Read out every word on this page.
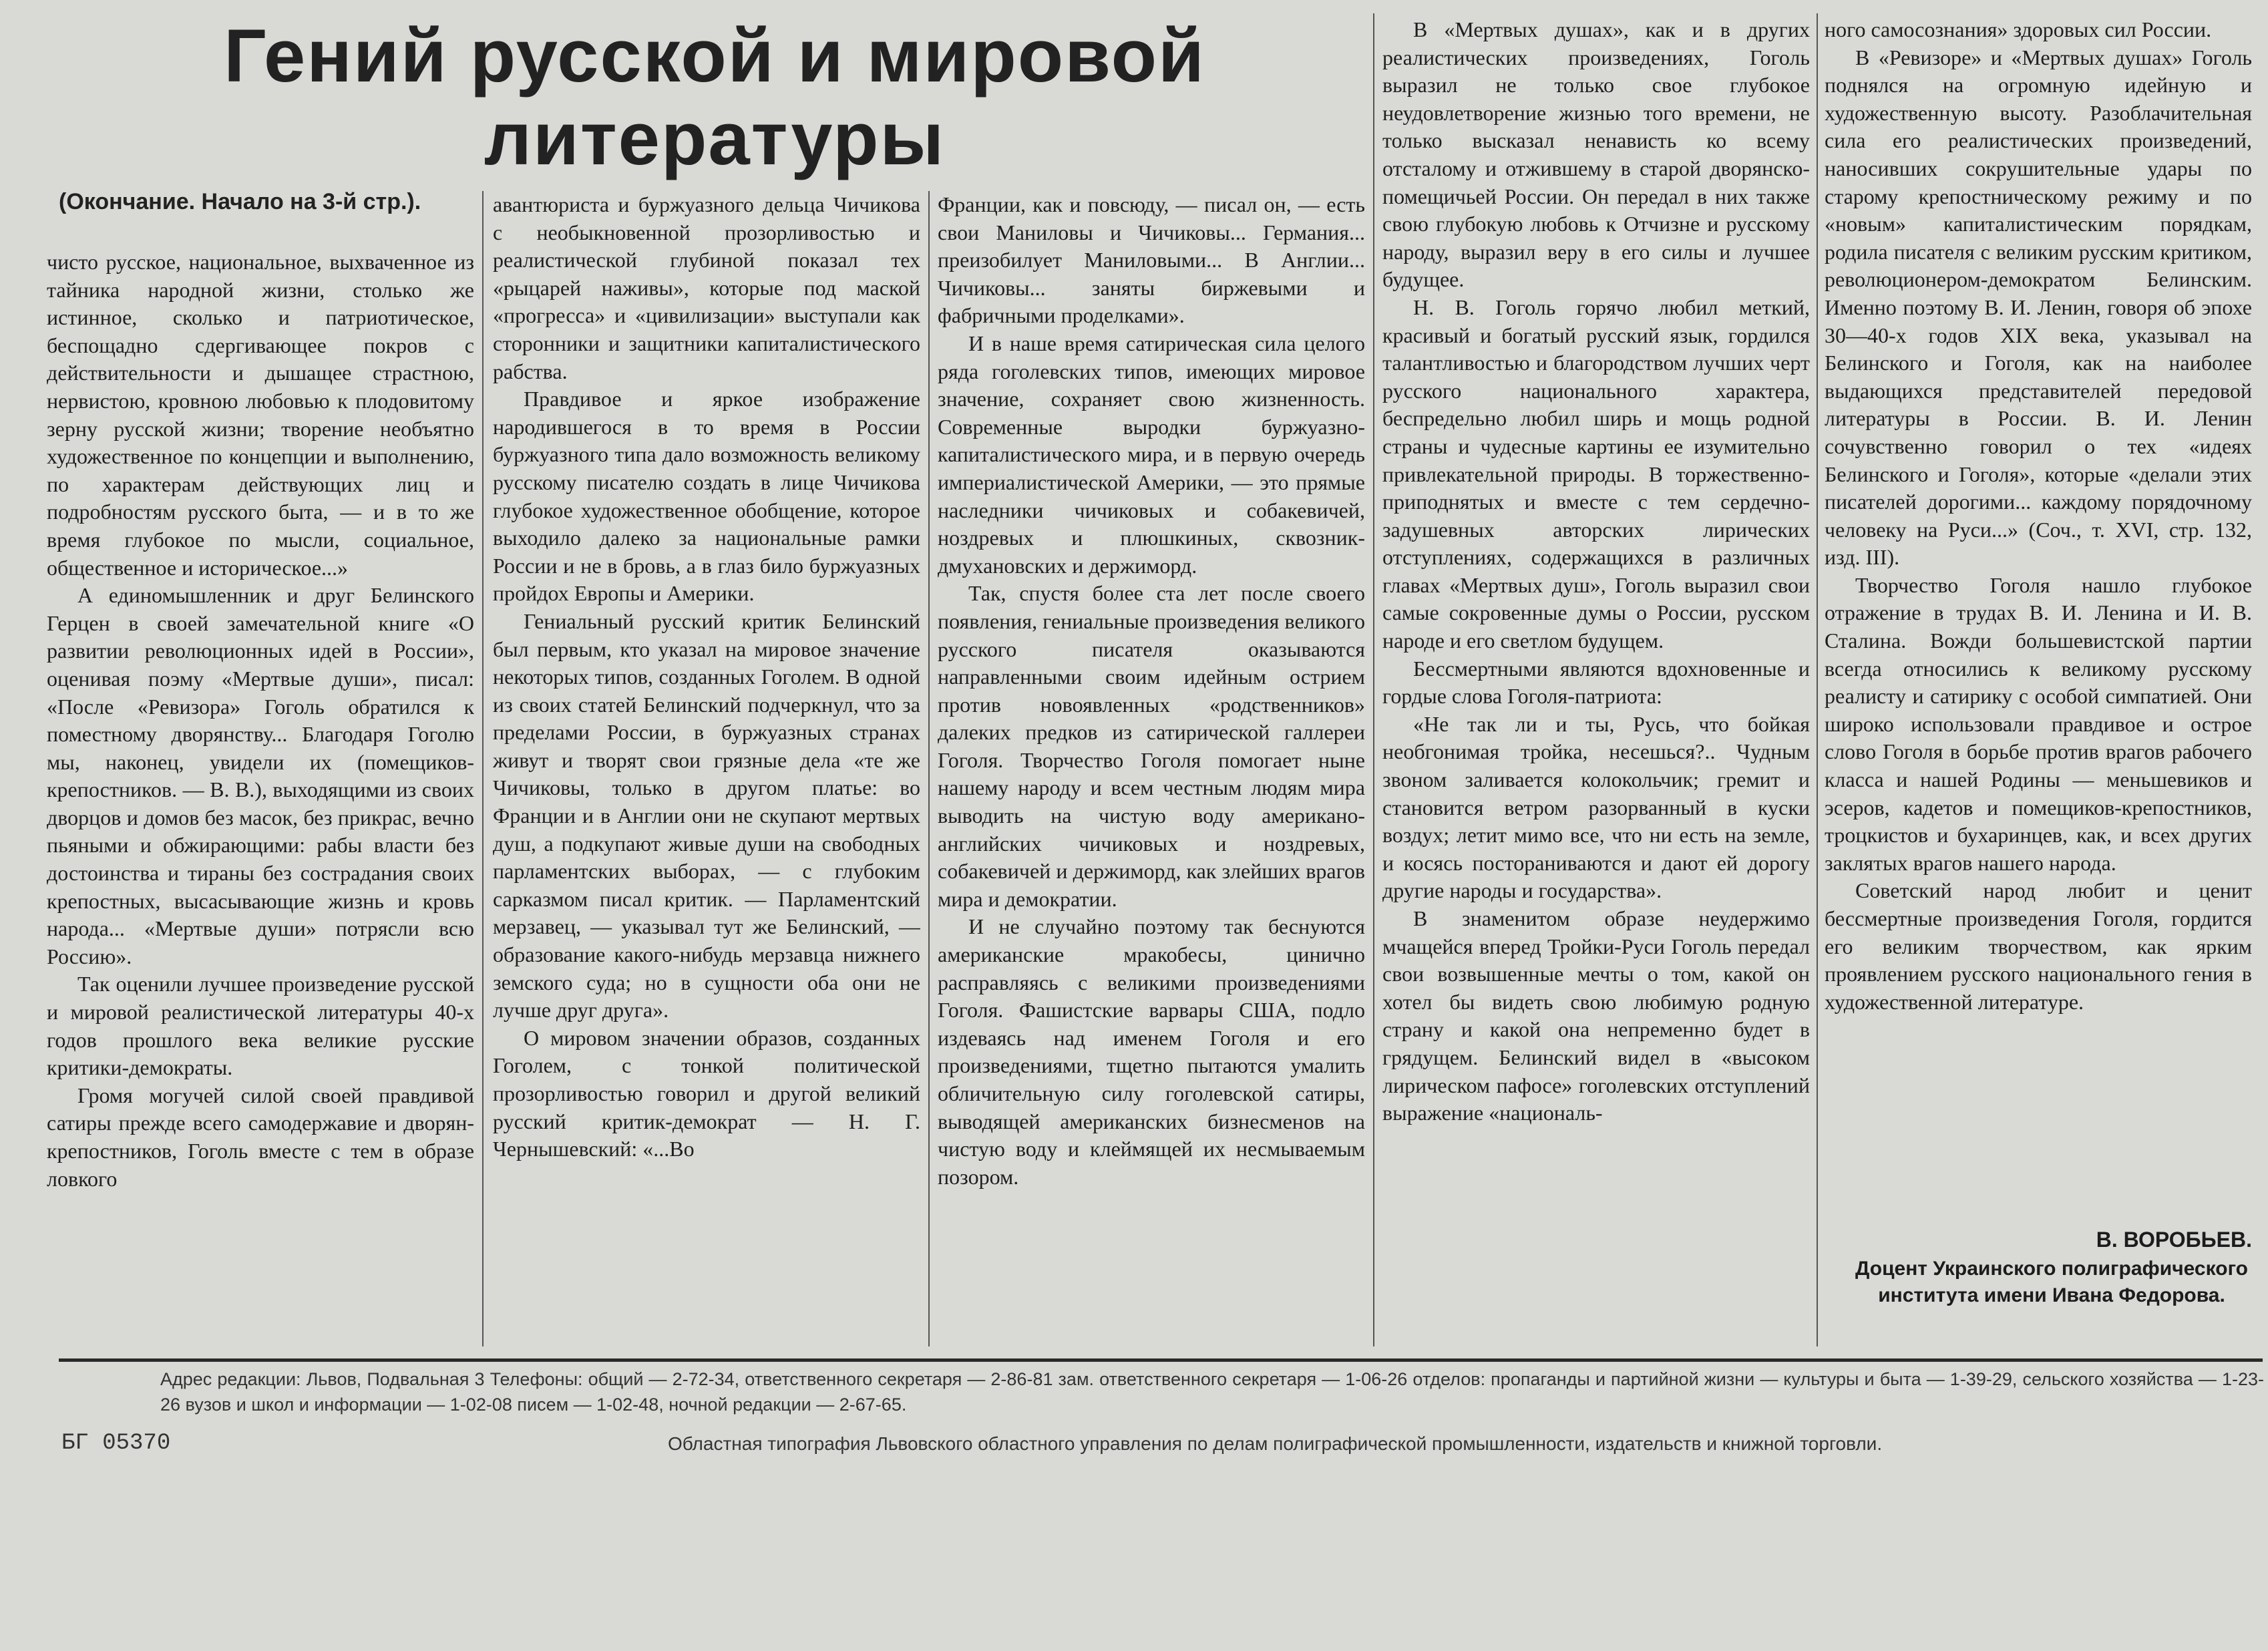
Гений русской и мировой
литературы
(Окончание. Начало на 3-й стр.).

чисто русское, национальное, выхваченное из тайника народной жизни, столько же истинное, сколько и патриотическое, беспощадно сдергивающее покров с действительности и дышащее страстною, нервистою, кровною любовью к плодовитому зерну русской жизни; творение необъятно художественное по концепции и выполнению, по характерам действующих лиц и подробностям русского быта, — и в то же время глубокое по мысли, социальное, общественное и историческое...»

А единомышленник и друг Белинского Герцен в своей замечательной книге «О развитии революционных идей в России», оценивая поэму «Мертвые души», писал: «После «Ревизора» Гоголь обратился к поместному дворянству... Благодаря Гоголю мы, наконец, увидели их (помещиков-крепостников. — В. В.), выходящими из своих дворцов и домов без масок, без прикрас, вечно пьяными и обжирающими: рабы власти без достоинства и тираны без сострадания своих крепостных, высасывающие жизнь и кровь народа... «Мертвые души» потрясли всю Россию».

Так оценили лучшее произведение русской и мировой реалистической литературы 40-х годов прошлого века великие русские критики-демократы.

Громя могучей силой своей правдивой сатиры прежде всего самодержавие и дворян-крепостников, Гоголь вместе с тем в образе ловкого

авантюриста и буржуазного дельца Чичикова с необыкновенной прозорливостью и реалистической глубиной показал тех «рыцарей наживы», которые под маской «прогресса» и «цивилизации» выступали как сторонники и защитники капиталистического рабства.

Правдивое и яркое изображение народившегося в то время в России буржуазного типа дало возможность великому русскому писателю создать в лице Чичикова глубокое художественное обобщение, которое выходило далеко за национальные рамки России и не в бровь, а в глаз било буржуазных пройдох Европы и Америки.

Гениальный русский критик Белинский был первым, кто указал на мировое значение некоторых типов, созданных Гоголем. В одной из своих статей Белинский подчеркнул, что за пределами России, в буржуазных странах живут и творят свои грязные дела «те же Чичиковы, только в другом платье: во Франции и в Англии они не скупают мертвых душ, а подкупают живые души на свободных парламентских выборах, — с глубоким сарказмом писал критик. — Парламентский мерзавец, — указывал тут же Белинский, — образование какого-нибудь мерзавца нижнего земского суда; но в сущности оба они не лучше друг друга».

О мировом значении образов, созданных Гоголем, с тонкой политической прозорливостью говорил и другой великий русский критик-демократ — Н. Г. Чернышевский: «...Во

Франции, как и повсюду, — писал он, — есть свои Маниловы и Чичиковы... Германия... преизобилует Маниловыми... В Англии... Чичиковы... заняты биржевыми и фабричными проделками».

И в наше время сатирическая сила целого ряда гоголевских типов, имеющих мировое значение, сохраняет свою жизненность. Современные выродки буржуазно-капиталистического мира, и в первую очередь империалистической Америки, — это прямые наследники чичиковых и собакевичей, ноздревых и плюшкиных, сквозник-дмухановских и держиморд.

Так, спустя более ста лет после своего появления, гениальные произведения великого русского писателя оказываются направленными своим идейным острием против новоявленных «родственников» далеких предков из сатирической галлереи Гоголя. Творчество Гоголя помогает ныне нашему народу и всем честным людям мира выводить на чистую воду американо-английских чичиковых и ноздревых, собакевичей и держиморд, как злейших врагов мира и демократии.

И не случайно поэтому так беснуются американские мракобесы, цинично расправляясь с великими произведениями Гоголя. Фашистские варвары США, подло издеваясь над именем Гоголя и его произведениями, тщетно пытаются умалить обличительную силу гоголевской сатиры, выводящей американских бизнесменов на чистую воду и клеймящей их несмываемым позором.

В «Мертвых душах», как и в других реалистических произведениях, Гоголь выразил не только свое глубокое неудовлетворение жизнью того времени, не только высказал ненависть ко всему отсталому и отжившему в старой дворянско-помещичьей России. Он передал в них также свою глубокую любовь к Отчизне и русскому народу, выразил веру в его силы и лучшее будущее.

Н. В. Гоголь горячо любил меткий, красивый и богатый русский язык, гордился талантливостью и благородством лучших черт русского национального характера, беспредельно любил ширь и мощь родной страны и чудесные картины ее изумительно привлекательной природы. В торжественно-приподнятых и вместе с тем сердечно-задушевных авторских лирических отступлениях, содержащихся в различных главах «Мертвых душ», Гоголь выразил свои самые сокровенные думы о России, русском народе и его светлом будущем.

Бессмертными являются вдохновенные и гордые слова Гоголя-патриота:

«Не так ли и ты, Русь, что бойкая необгонимая тройка, несешься?.. Чудным звоном заливается колокольчик; гремит и становится ветром разорванный в куски воздух; летит мимо все, что ни есть на земле, и косясь постораниваются и дают ей дорогу другие народы и государства».

В знаменитом образе неудержимо мчащейся вперед Тройки-Руси Гоголь передал свои возвышенные мечты о том, какой он хотел бы видеть свою любимую родную страну и какой она непременно будет в грядущем. Белинский видел в «высоком лирическом пафосе» гоголевских отступлений выражение «националь-

ного самосознания» здоровых сил России.

В «Ревизоре» и «Мертвых душах» Гоголь поднялся на огромную идейную и художественную высоту. Разоблачительная сила его реалистических произведений, наносивших сокрушительные удары по старому крепостническому режиму и по «новым» капиталистическим порядкам, родила писателя с великим русским критиком, революционером-демократом Белинским. Именно поэтому В. И. Ленин, говоря об эпохе 30—40-х годов XIX века, указывал на Белинского и Гоголя, как на наиболее выдающихся представителей передовой литературы в России. В. И. Ленин сочувственно говорил о тех «идеях Белинского и Гоголя», которые «делали этих писателей дорогими... каждому порядочному человеку на Руси...» (Соч., т. XVI, стр. 132, изд. III).

Творчество Гоголя нашло глубокое отражение в трудах В. И. Ленина и И. В. Сталина. Вожди большевистской партии всегда относились к великому русскому реалисту и сатирику с особой симпатией. Они широко использовали правдивое и острое слово Гоголя в борьбе против врагов рабочего класса и нашей Родины — меньшевиков и эсеров, кадетов и помещиков-крепостников, троцкистов и бухаринцев, как, и всех других заклятых врагов нашего народа.

Советский народ любит и ценит бессмертные произведения Гоголя, гордится его великим творчеством, как ярким проявлением русского национального гения в художественной литературе.

В. ВОРОБЬЕВ.
Доцент Украинского полиграфического института имени Ивана Федорова.
Адрес редакции: Львов, Подвальная 3 Телефоны: общий — 2-72-34, ответственного секретаря — 2-86-81 зам. ответственного секретаря — 1-06-26 отделов: пропаганды и партийной жизни — культуры и быта — 1-39-29, сельского хозяйства — 1-23-26 вузов и школ и информации — 1-02-08 писем — 1-02-48, ночной редакции — 2-67-65.
БГ 05370	Областная типография Львовского областного управления по делам полиграфической промышленности, издательств и книжной торговли.
